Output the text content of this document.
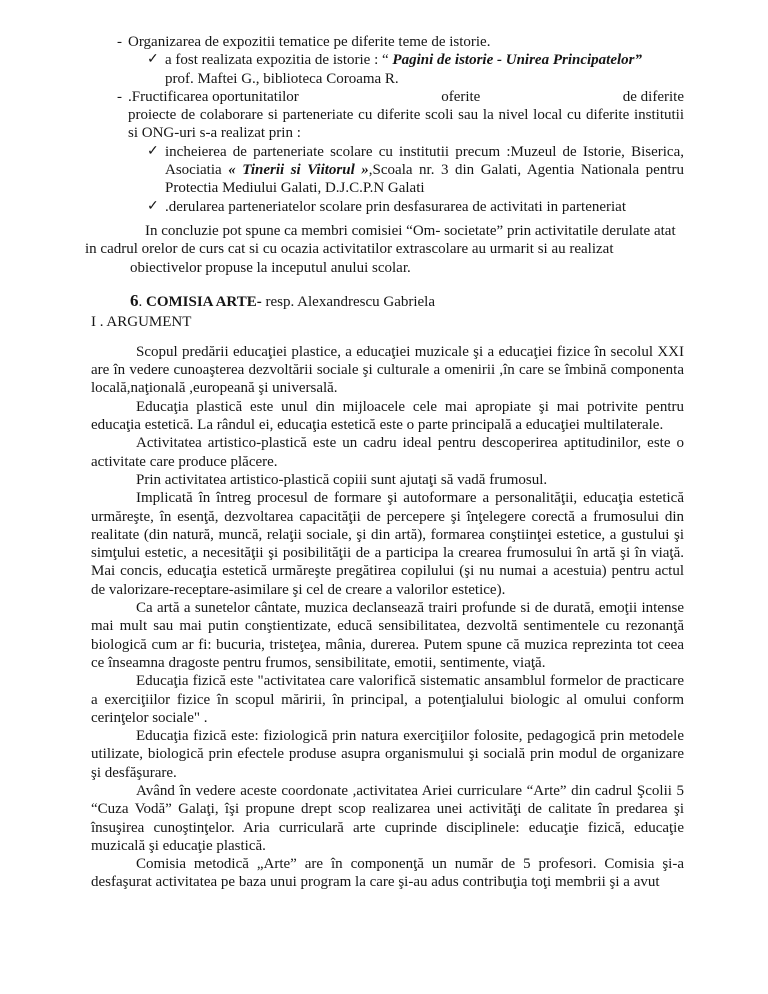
- Organizarea de expozitii tematice pe diferite teme de istorie.
✓ a fost realizata expozitia de istorie : “ Pagini de istorie - Unirea Principatelor”
prof. Maftei G., biblioteca Coroama R.
- .Fructificarea oportunitatilor	oferite	de diferite
proiecte de colaborare si parteneriate cu diferite scoli sau la nivel local cu diferite institutii si ONG-uri s-a realizat prin :
✓ incheierea de parteneriate scolare cu institutii precum :Muzeul de Istorie, Biserica, Asociatia « Tinerii si Viitorul »,Scoala nr. 3 din Galati, Agentia Nationala pentru Protectia Mediului Galati, D.J.C.P.N Galati
✓ .derularea parteneriatelor scolare prin desfasurarea de activitati in parteneriat
In concluzie pot spune ca membri comisiei “Om- societate” prin activitatile derulate atat
in cadrul orelor de curs cat si cu ocazia activitatilor extrascolare au urmarit si au realizat
obiectivelor propuse la inceputul anului scolar.
6. COMISIA ARTE- resp. Alexandrescu Gabriela
I . ARGUMENT
Scopul predării educaţiei plastice, a educaţiei muzicale şi a educaţiei fizice în secolul XXI are în vedere cunoaşterea dezvoltării sociale şi culturale a omenirii ,în care se îmbină componenta locală,naţională ,europeană şi universală.
Educaţia plastică este unul din mijloacele cele mai apropiate şi mai potrivite pentru educaţia estetică. La rândul ei, educaţia estetică este o parte principală a educaţiei multilaterale.
Activitatea artistico-plastică este un cadru ideal pentru descoperirea aptitudinilor, este o activitate care produce plăcere.
Prin activitatea artistico-plastică copiii sunt ajutaţi să vadă frumosul.
Implicată în întreg procesul de formare şi autoformare a personalităţii, educaţia estetică urmăreşte, în esenţă, dezvoltarea capacităţii de percepere şi înţelegere corectă a frumosului din realitate (din natură, muncă, relaţii sociale, şi din artă), formarea conştiinţei estetice, a gustului şi simţului estetic, a necesităţii şi posibilităţii de a participa la crearea frumosului în artă şi în viaţă. Mai concis, educaţia estetică urmăreşte pregătirea copilului (şi nu numai a acestuia) pentru actul de valorizare-receptare-asimilare şi cel de creare a valorilor estetice).
Ca artă a sunetelor cântate, muzica declansează trairi profunde si de durată, emoţii intense mai mult sau mai putin conştientizate, educă sensibilitatea, dezvoltă sentimentele cu rezonanţă biologică cum ar fi: bucuria, tristeţea, mânia, durerea. Putem spune că muzica reprezinta tot ceea ce înseamna dragoste pentru frumos, sensibilitate, emotii, sentimente, viaţă.
Educaţia fizică este "activitatea care valorifică sistematic ansamblul formelor de practicare a exerciţiilor fizice în scopul măririi, în principal, a potenţialului biologic al omului conform cerinţelor sociale" .
Educaţia fizică este: fiziologică prin natura exerciţiilor folosite, pedagogică prin metodele utilizate, biologică prin efectele produse asupra organismului şi socială prin modul de organizare şi desfăşurare.
Având în vedere aceste coordonate ,activitatea Ariei curriculare “Arte” din cadrul Şcolii 5 “Cuza Vodă” Galaţi, îşi propune drept scop realizarea unei activităţi de calitate în predarea şi însuşirea cunoştinţelor. Aria curriculară arte cuprinde disciplinele: educaţie fizică, educaţie muzicală şi educaţie plastică.
Comisia metodică „Arte” are în componenţă un număr de 5 profesori. Comisia şi-a desfaşurat activitatea pe baza unui program la care şi-au adus contribuţia toţi membrii şi a avut
